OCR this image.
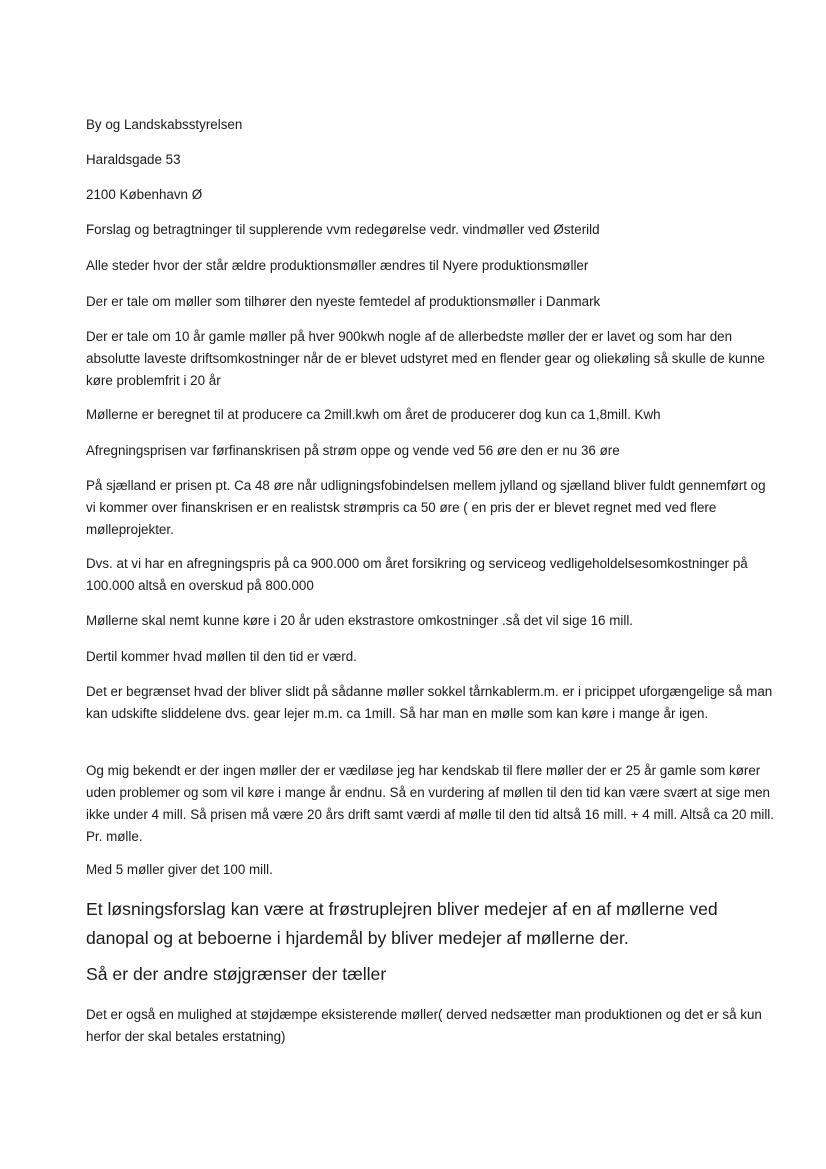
By og Landskabsstyrelsen

Haraldsgade 53

2100 København Ø

Forslag og betragtninger til supplerende vvm redegørelse vedr. vindmøller ved Østerild

Alle steder hvor der står ældre produktionsmøller ændres til Nyere produktionsmøller

Der er tale om møller som tilhører den nyeste femtedel af produktionsmøller i Danmark

Der er tale om 10 år gamle møller på hver 900kwh nogle af de allerbedste møller der er lavet og som har den absolutte laveste driftsomkostninger når de er blevet udstyret med en flender gear og oliekøling så skulle de kunne køre problemfrit i 20 år

Møllerne er beregnet til at producere ca 2mill.kwh om året de producerer dog kun ca 1,8mill. Kwh

Afregningsprisen var førfinanskrisen på strøm oppe og vende ved 56 øre den er nu 36 øre

På sjælland er prisen pt. Ca 48 øre når udligningsfobindelsen mellem jylland og sjælland bliver fuldt gennemført og vi kommer over finanskrisen er en realistsk strømpris ca 50 øre ( en pris der er blevet regnet med ved flere mølleprojekter.

Dvs. at vi har en afregningspris på ca 900.000 om året forsikring og serviceog vedligeholdelsesomkostninger på 100.000 altså en overskud på 800.000

Møllerne skal nemt kunne køre i 20 år uden ekstrastore omkostninger .så det vil sige 16 mill.

Dertil kommer hvad møllen til den tid er værd.

Det er begrænset hvad der bliver slidt på sådanne møller sokkel tårnkablerm.m. er i pricippet uforgængelige så man kan udskifte sliddelene dvs. gear lejer m.m. ca 1mill. Så har man en mølle som kan køre i mange år igen.

Og mig bekendt er der ingen møller der er vædiløse jeg har kendskab til flere møller der er 25 år gamle som kører uden problemer og som vil køre i mange år endnu. Så en vurdering af møllen til den tid kan være svært at sige men ikke under 4 mill. Så prisen må være 20 års drift samt værdi af mølle til den tid altså 16 mill. + 4 mill. Altså ca 20 mill. Pr. mølle.

Med 5 møller giver det 100 mill.

Et løsningsforslag kan være at frøstruplejren bliver medejer af en af møllerne ved danopal og at beboerne i hjardemål by bliver medejer af møllerne der.

Så er der andre støjgrænser der tæller

Det er også en mulighed at støjdæmpe eksisterende møller( derved nedsætter man produktionen og det er så kun herfor der skal betales erstatning)
